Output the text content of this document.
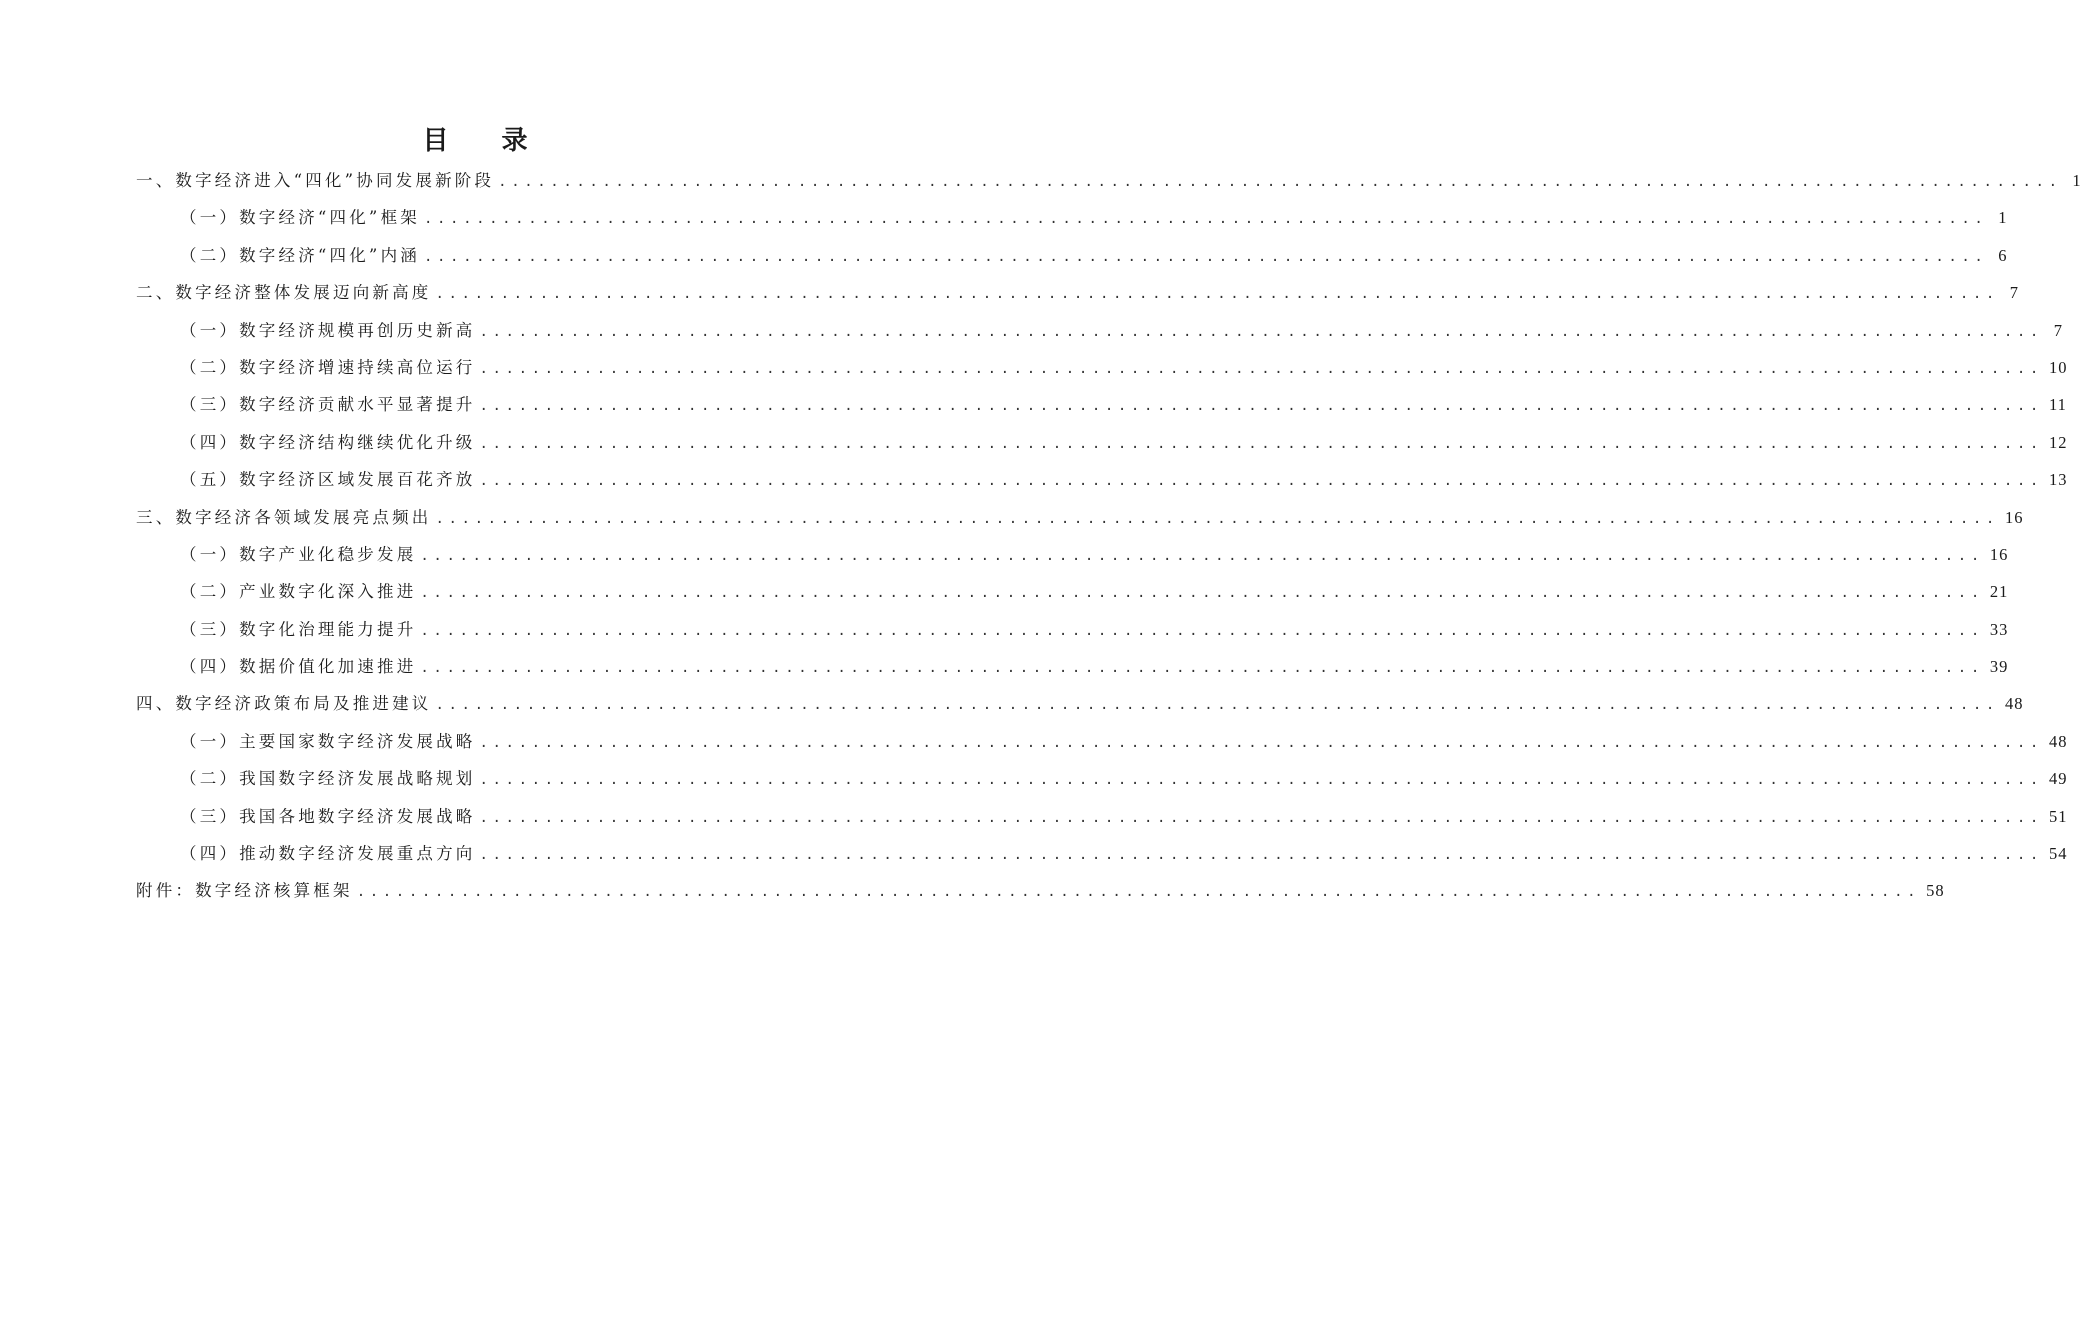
目 录
一、数字经济进入“四化”协同发展新阶段 ........................................................................................................................ 1
（一）数字经济“四化”框架 ........................................................................................................................ 1
（二）数字经济“四化”内涵 ........................................................................................................................ 6
二、数字经济整体发展迈向新高度 ........................................................................................................................ 7
（一）数字经济规模再创历史新高 ........................................................................................................................ 7
（二）数字经济增速持续高位运行 ........................................................................................................................ 10
（三）数字经济贡献水平显著提升 ........................................................................................................................ 11
（四）数字经济结构继续优化升级 ........................................................................................................................ 12
（五）数字经济区域发展百花齐放 ........................................................................................................................ 13
三、数字经济各领域发展亮点频出 ........................................................................................................................ 16
（一）数字产业化稳步发展 ........................................................................................................................ 16
（二）产业数字化深入推进 ........................................................................................................................ 21
（三）数字化治理能力提升 ........................................................................................................................ 33
（四）数据价值化加速推进 ........................................................................................................................ 39
四、数字经济政策布局及推进建议 ........................................................................................................................ 48
（一）主要国家数字经济发展战略 ........................................................................................................................ 48
（二）我国数字经济发展战略规划 ........................................................................................................................ 49
（三）我国各地数字经济发展战略 ........................................................................................................................ 51
（四）推动数字经济发展重点方向 ........................................................................................................................ 54
附件：数字经济核算框架 ........................................................................................................................ 58
